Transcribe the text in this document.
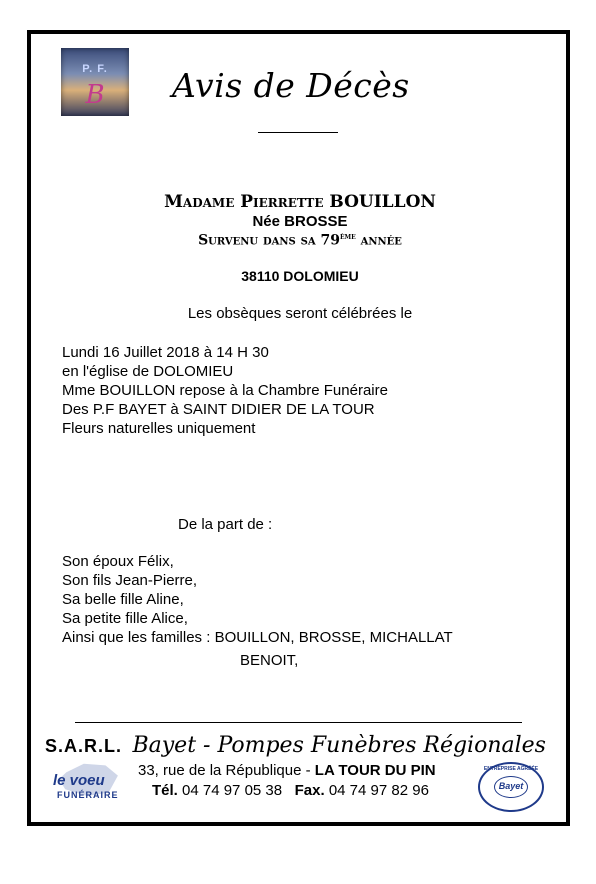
P. F.
B	Avis de Décès
Madame Pierrette BOUILLON
Née BROSSE
Survenu dans sa 79ème année
38110 DOLOMIEU
Les obsèques seront célébrées le
Lundi 16 Juillet 2018 à 14 H 30
en l'église de DOLOMIEU
Mme BOUILLON repose à la Chambre Funéraire
Des P.F BAYET à SAINT DIDIER DE LA TOUR
Fleurs naturelles uniquement
De la part de :
Son époux Félix,
Son fils Jean-Pierre,
Sa belle fille Aline,
Sa petite fille Alice,
Ainsi que les familles : BOUILLON, BROSSE, MICHALLAT
BENOIT,
S.A.R.L. Bayet - Pompes Funèbres Régionales
le voeu
FUNÉRAIRE
33, rue de la République - LA TOUR DU PIN
Tél. 04 74 97 05 38 Fax. 04 74 97 82 96
ENTREPRISE AGRÉÉE
Bayet
